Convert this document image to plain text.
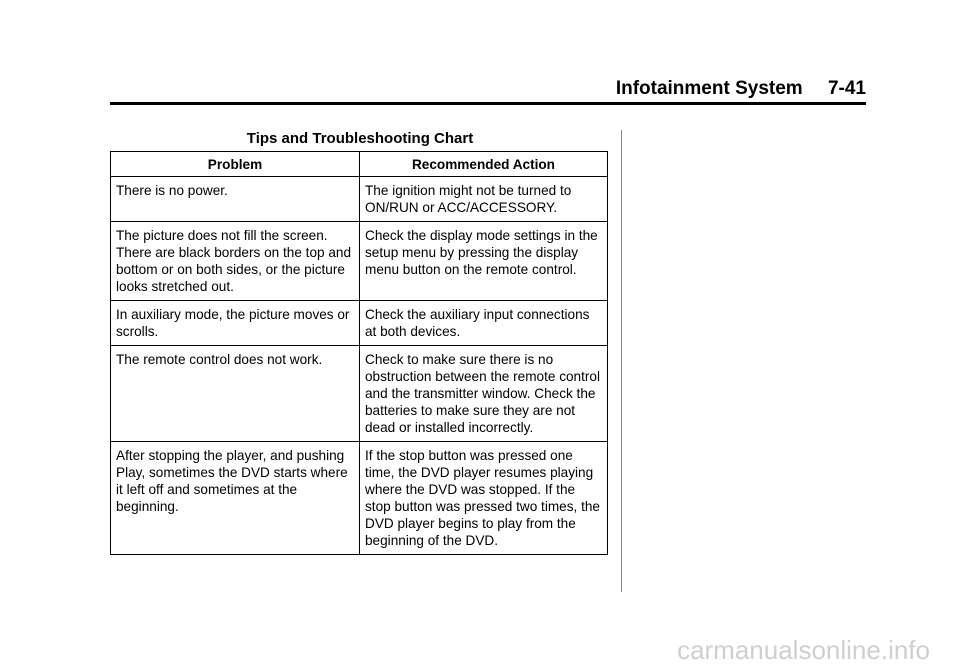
Infotainment System 7-41
Tips and Troubleshooting Chart
Problem	Recommended Action
There is no power.	The ignition might not be turned to ON/RUN or ACC/ACCESSORY.
The picture does not fill the screen. There are black borders on the top and bottom or on both sides, or the picture looks stretched out.	Check the display mode settings in the setup menu by pressing the display menu button on the remote control.
In auxiliary mode, the picture moves or scrolls.	Check the auxiliary input connections at both devices.
The remote control does not work.	Check to make sure there is no obstruction between the remote control and the transmitter window. Check the batteries to make sure they are not dead or installed incorrectly.
After stopping the player, and pushing Play, sometimes the DVD starts where it left off and sometimes at the beginning.	If the stop button was pressed one time, the DVD player resumes playing where the DVD was stopped. If the stop button was pressed two times, the DVD player begins to play from the beginning of the DVD.
carmanualsonline.info
